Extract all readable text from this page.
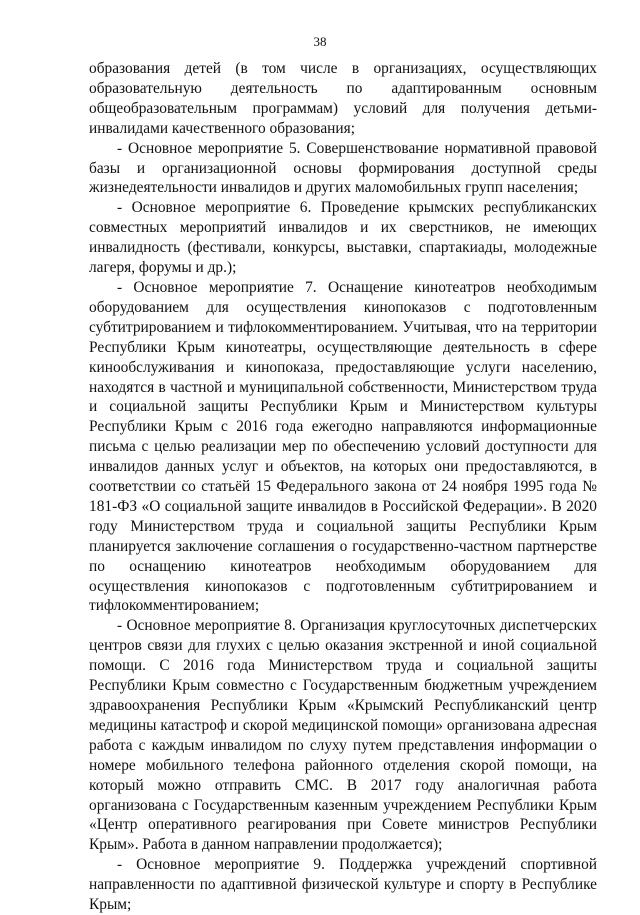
38

образования детей (в том числе в организациях, осуществляющих образовательную деятельность по адаптированным основным общеобразовательным программам) условий для получения детьми-инвалидами качественного образования;

- Основное мероприятие 5. Совершенствование нормативной правовой базы и организационной основы формирования доступной среды жизнедеятельности инвалидов и других маломобильных групп населения;

- Основное мероприятие 6. Проведение крымских республиканских совместных мероприятий инвалидов и их сверстников, не имеющих инвалидность (фестивали, конкурсы, выставки, спартакиады, молодежные лагеря, форумы и др.);

- Основное мероприятие 7. Оснащение кинотеатров необходимым оборудованием для осуществления кинопоказов с подготовленным субтитрированием и тифлокомментированием. Учитывая, что на территории Республики Крым кинотеатры, осуществляющие деятельность в сфере кинообслуживания и кинопоказа, предоставляющие услуги населению, находятся в частной и муниципальной собственности, Министерством труда и социальной защиты Республики Крым и Министерством культуры Республики Крым с 2016 года ежегодно направляются информационные письма с целью реализации мер по обеспечению условий доступности для инвалидов данных услуг и объектов, на которых они предоставляются, в соответствии со статьёй 15 Федерального закона от 24 ноября 1995 года № 181-ФЗ «О социальной защите инвалидов в Российской Федерации». В 2020 году Министерством труда и социальной защиты Республики Крым планируется заключение соглашения о государственно-частном партнерстве по оснащению кинотеатров необходимым оборудованием для осуществления кинопоказов с подготовленным субтитрированием и тифлокомментированием;

- Основное мероприятие 8. Организация круглосуточных диспетчерских центров связи для глухих с целью оказания экстренной и иной социальной помощи. С 2016 года Министерством труда и социальной защиты Республики Крым совместно с Государственным бюджетным учреждением здравоохранения Республики Крым «Крымский Республиканский центр медицины катастроф и скорой медицинской помощи» организована адресная работа с каждым инвалидом по слуху путем представления информации о номере мобильного телефона районного отделения скорой помощи, на который можно отправить СМС. В 2017 году аналогичная работа организована с Государственным казенным учреждением Республики Крым «Центр оперативного реагирования при Совете министров Республики Крым». Работа в данном направлении продолжается);

- Основное мероприятие 9. Поддержка учреждений спортивной направленности по адаптивной физической культуре и спорту в Республике Крым;
